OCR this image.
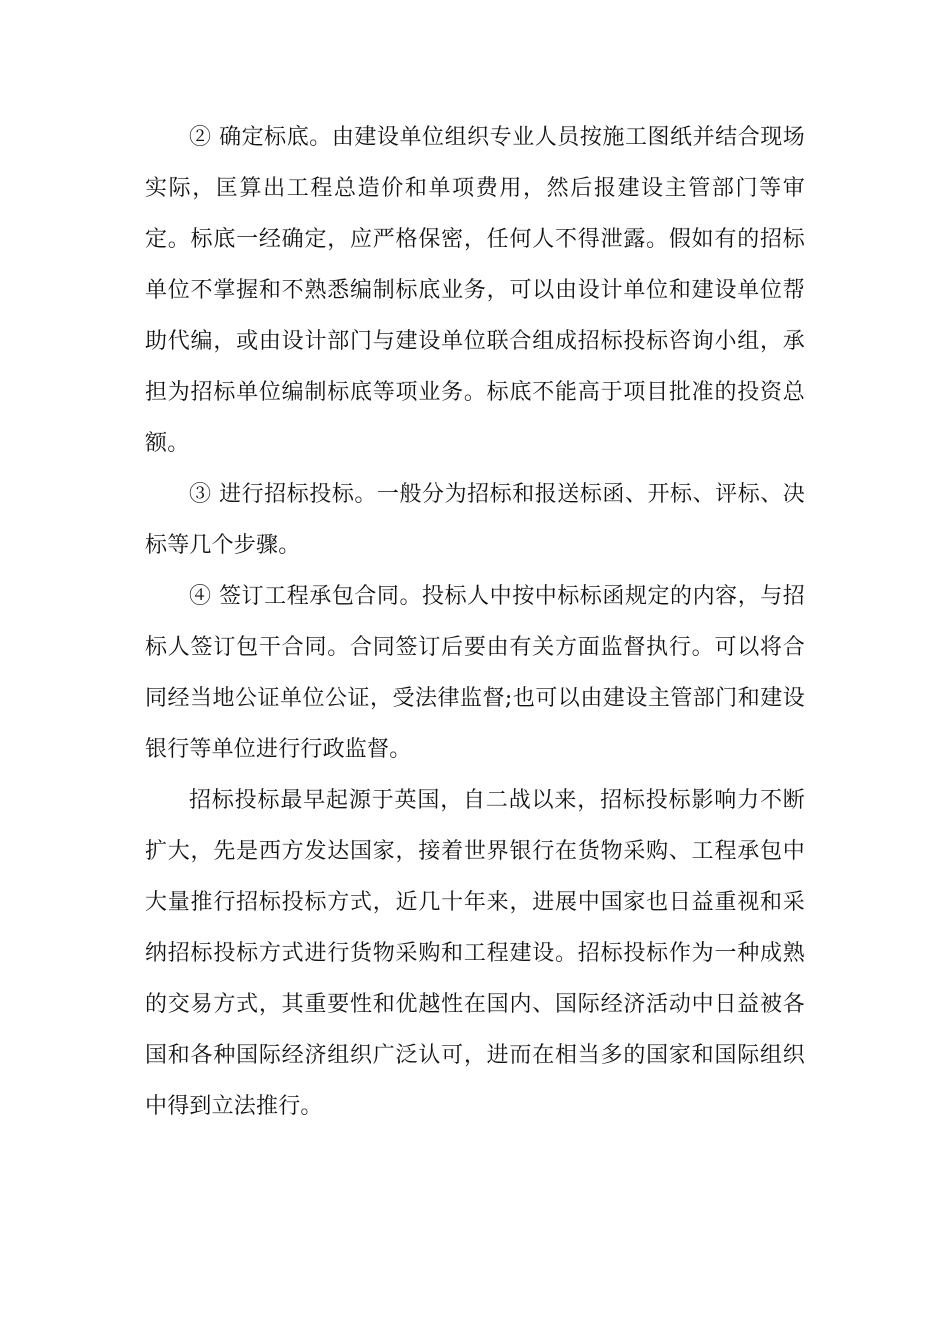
② 确定标底。由建设单位组织专业人员按施工图纸并结合现场实际，匡算出工程总造价和单项费用，然后报建设主管部门等审定。标底一经确定，应严格保密，任何人不得泄露。假如有的招标单位不掌握和不熟悉编制标底业务，可以由设计单位和建设单位帮助代编，或由设计部门与建设单位联合组成招标投标咨询小组，承担为招标单位编制标底等项业务。标底不能高于项目批准的投资总额。

③ 进行招标投标。一般分为招标和报送标函、开标、评标、决标等几个步骤。

④ 签订工程承包合同。投标人中按中标标函规定的内容，与招标人签订包干合同。合同签订后要由有关方面监督执行。可以将合同经当地公证单位公证，受法律监督;也可以由建设主管部门和建设银行等单位进行行政监督。

招标投标最早起源于英国，自二战以来，招标投标影响力不断扩大，先是西方发达国家，接着世界银行在货物采购、工程承包中大量推行招标投标方式，近几十年来，进展中国家也日益重视和采纳招标投标方式进行货物采购和工程建设。招标投标作为一种成熟的交易方式，其重要性和优越性在国内、国际经济活动中日益被各国和各种国际经济组织广泛认可，进而在相当多的国家和国际组织中得到立法推行。
